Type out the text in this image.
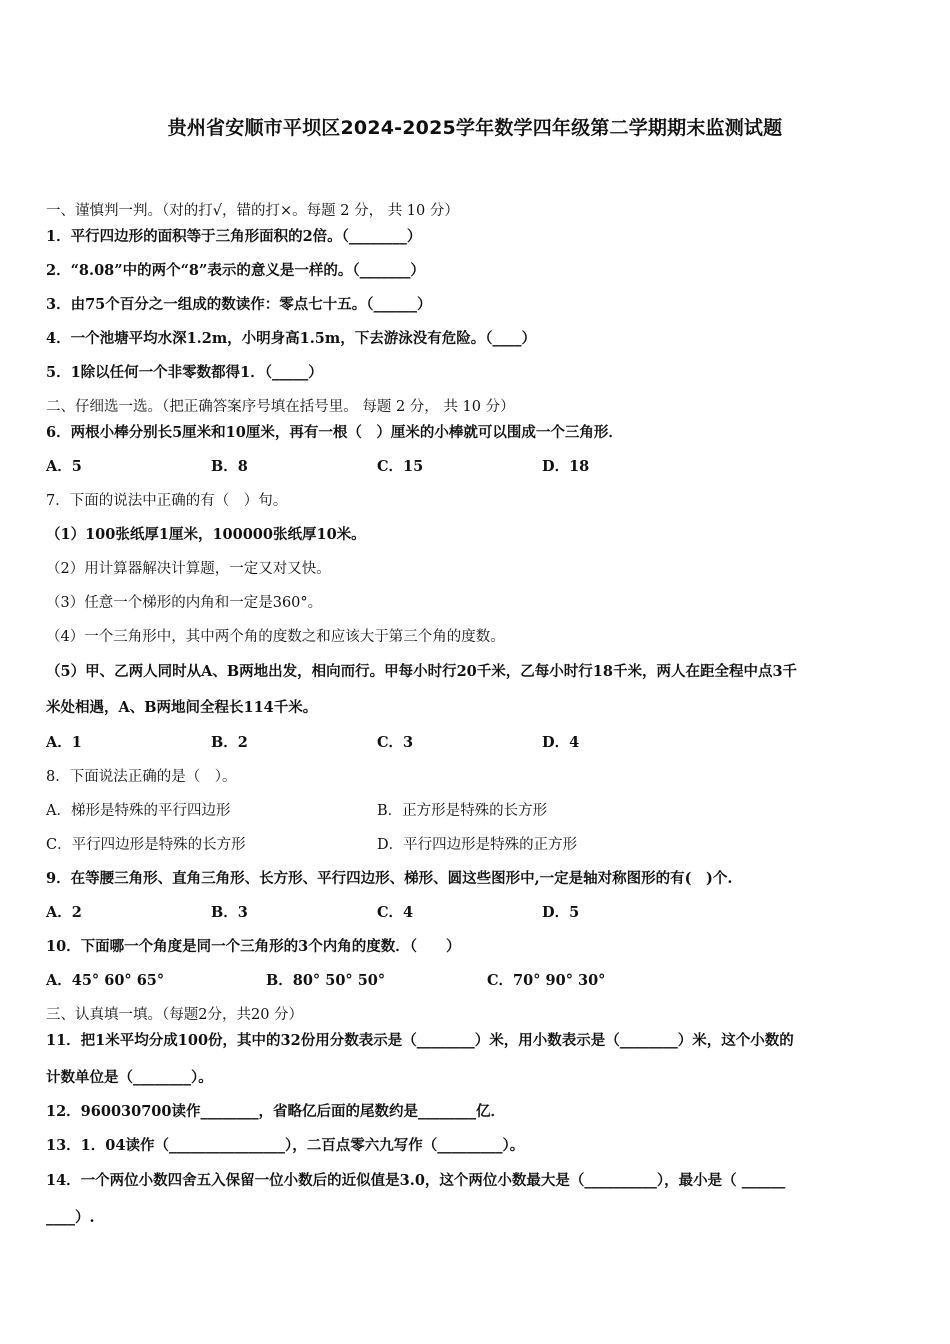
贵州省安顺市平坝区2024-2025学年数学四年级第二学期期末监测试题
一、谨慎判一判。（对的打√，错的打×。每题 2 分， 共 10 分）
1．平行四边形的面积等于三角形面积的2倍。（________）
2．“8.08”中的两个“8”表示的意义是一样的。（_______）
3．由75个百分之一组成的数读作：零点七十五。（______）
4．一个池塘平均水深1.2m，小明身高1.5m，下去游泳没有危险。（____）
5．1除以任何一个非零数都得1．（_____）
二、仔细选一选。（把正确答案序号填在括号里。 每题 2 分， 共 10 分）
6．两根小棒分别长5厘米和10厘米，再有一根（　）厘米的小棒就可以围成一个三角形．
A．5	B．8	C．15	D．18
7．下面的说法中正确的有（　）句。
（1）100张纸厚1厘米，100000张纸厚10米。
（2）用计算器解决计算题，一定又对又快。
（3）任意一个梯形的内角和一定是360°。
（4）一个三角形中，其中两个角的度数之和应该大于第三个角的度数。
（5）甲、乙两人同时从A、B两地出发，相向而行。甲每小时行20千米，乙每小时行18千米，两人在距全程中点3千
米处相遇，A、B两地间全程长114千米。
A．1	B．2	C．3	D．4
8．下面说法正确的是（　）。
A．梯形是特殊的平行四边形	B．正方形是特殊的长方形
C．平行四边形是特殊的长方形	D．平行四边形是特殊的正方形
9．在等腰三角形、直角三角形、长方形、平行四边形、梯形、圆这些图形中,一定是轴对称图形的有(　)个.
A．2	B．3	C．4	D．5
10．下面哪一个角度是同一个三角形的3个内角的度数．（　　）
A．45° 60° 65°	B．80° 50° 50°	C．70° 90° 30°
三、认真填一填。（每题2分，共20 分）
11．把1米平均分成100份，其中的32份用分数表示是（________）米，用小数表示是（________）米，这个小数的
计数单位是（________）。
12．960030700读作________，省略亿后面的尾数约是________亿．
13．1．04读作（________________），二百点零六九写作（_________）。
14．一个两位小数四舍五入保留一位小数后的近似值是3.0，这个两位小数最大是（__________），最小是（ ______
____）.
